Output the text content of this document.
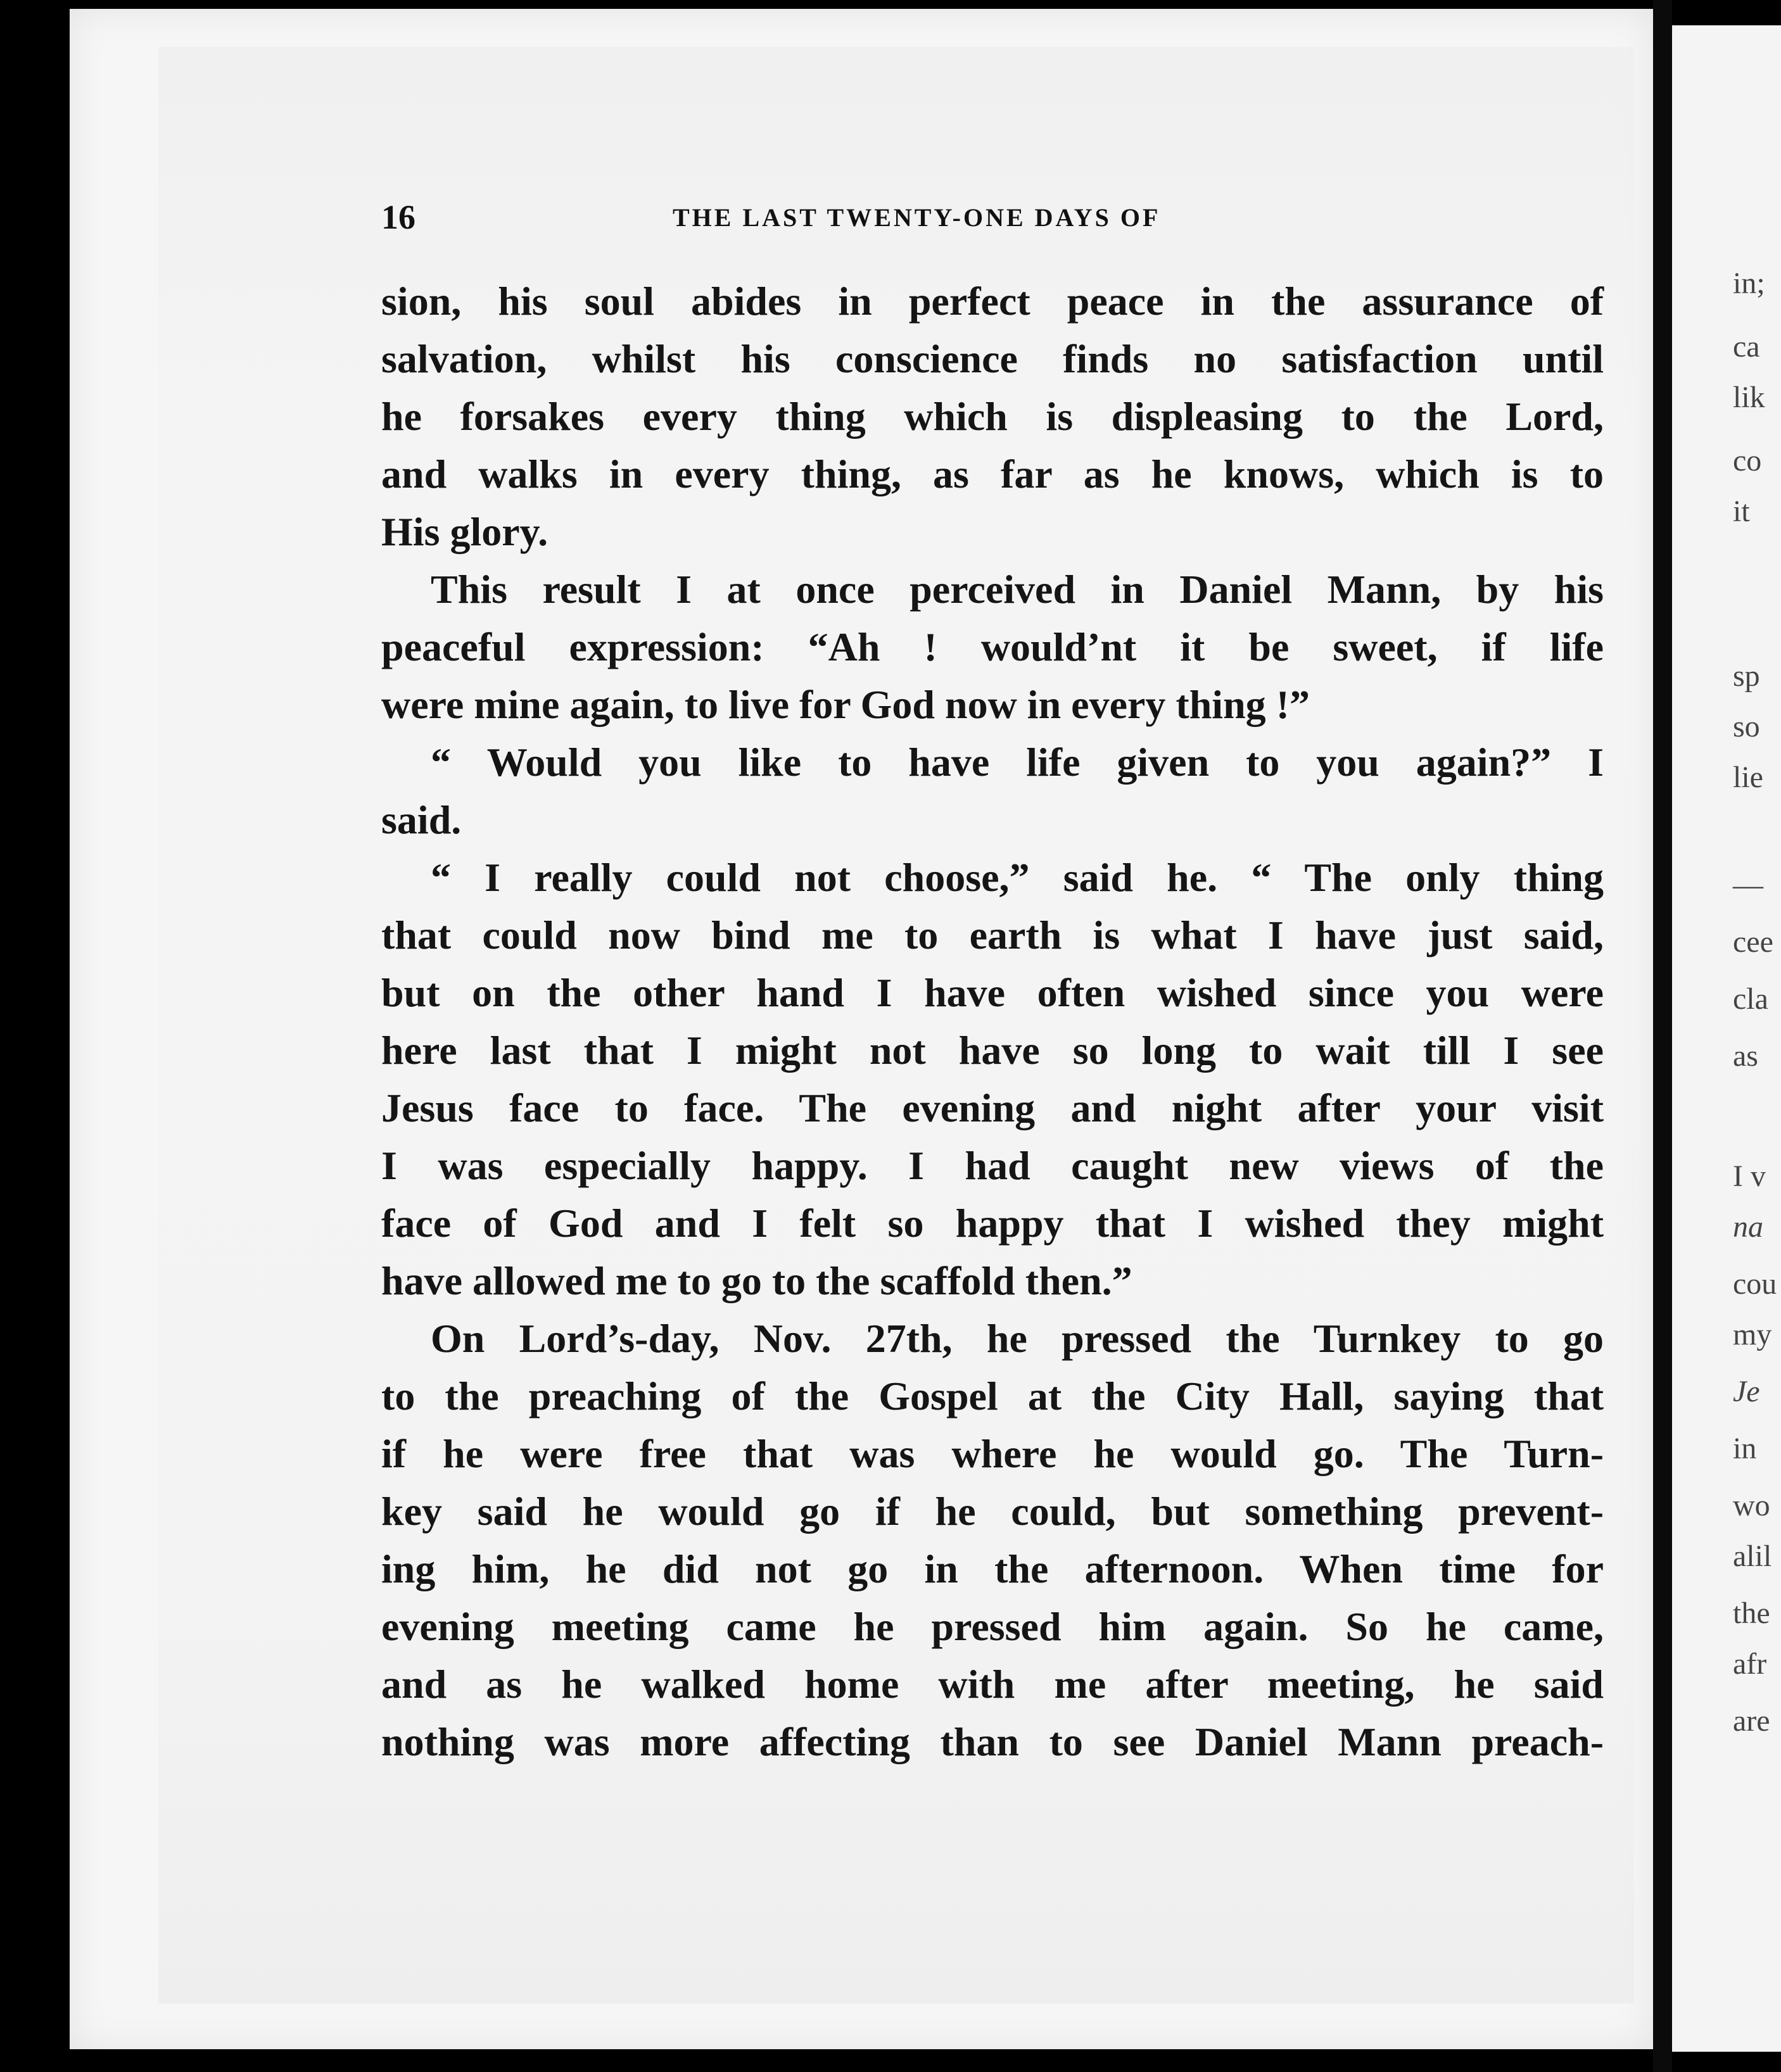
in;
ca
lik
co
it
sp
so
lie
—
cee
cla
as
I v
na
cou
my
Je
in
wo
alil
the
afr
are
16	THE LAST TWENTY-ONE DAYS OF
sion, his soul abides in perfect peace in the assurance of
salvation, whilst his conscience finds no satisfaction until
he forsakes every thing which is displeasing to the Lord,
and walks in every thing, as far as he knows, which is to
His glory.
This result I at once perceived in Daniel Mann, by his
peaceful expression: “Ah ! would’nt it be sweet, if life
were mine again, to live for God now in every thing !”
“ Would you like to have life given to you again?” I
said.
“ I really could not choose,” said he. “ The only thing
that could now bind me to earth is what I have just said,
but on the other hand I have often wished since you were
here last that I might not have so long to wait till I see
Jesus face to face. The evening and night after your visit
I was especially happy. I had caught new views of the
face of God and I felt so happy that I wished they might
have allowed me to go to the scaffold then.”
On Lord’s-day, Nov. 27th, he pressed the Turnkey to go
to the preaching of the Gospel at the City Hall, saying that
if he were free that was where he would go. The Turn-
key said he would go if he could, but something prevent-
ing him, he did not go in the afternoon. When time for
evening meeting came he pressed him again. So he came,
and as he walked home with me after meeting, he said
nothing was more affecting than to see Daniel Mann preach-
